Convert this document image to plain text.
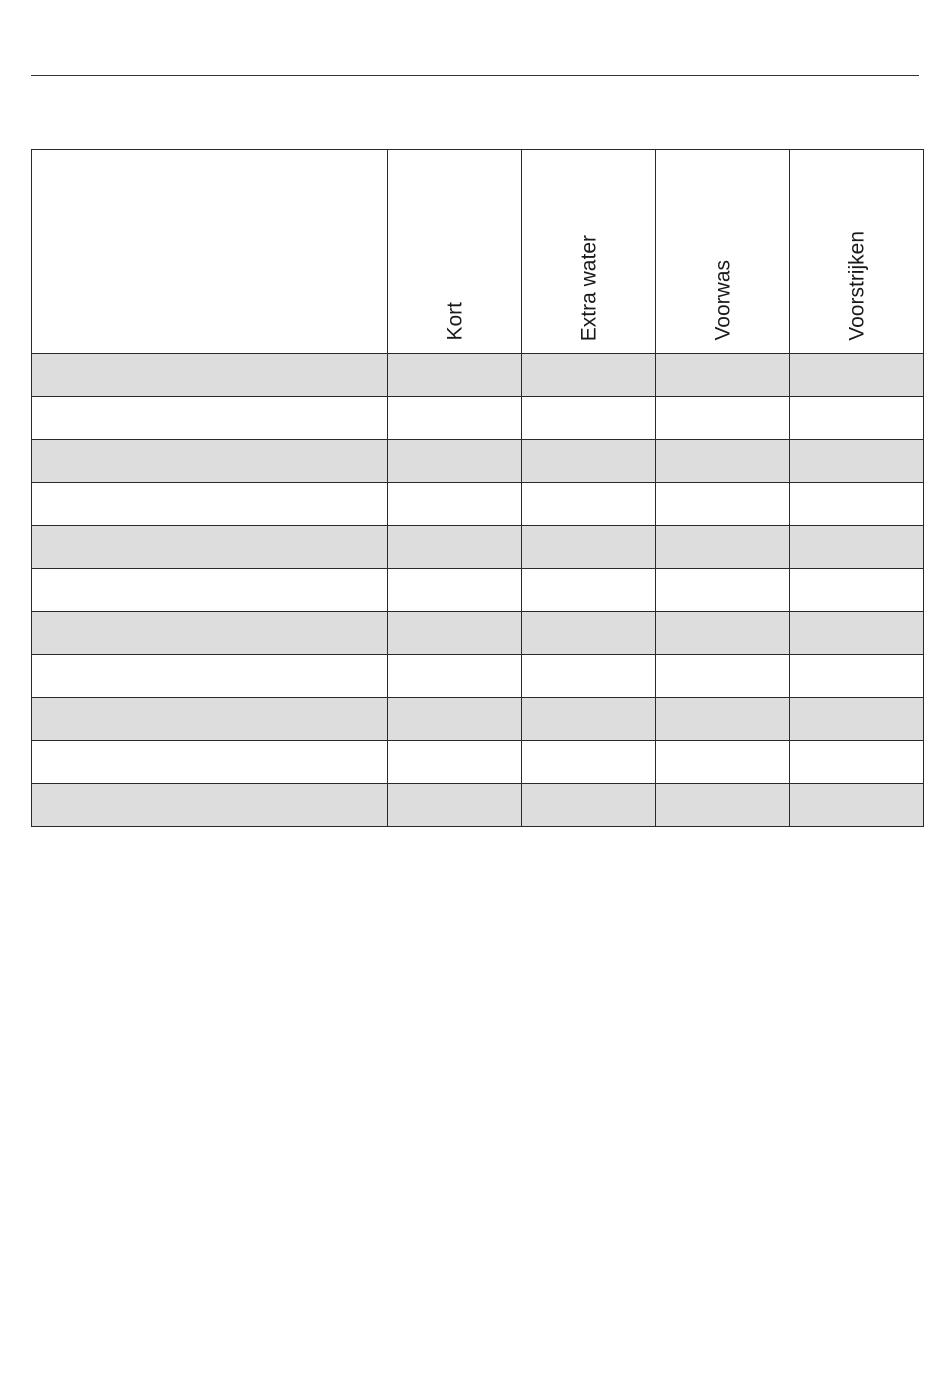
	Kort	Extra water	Voorwas	Voorstrijken
